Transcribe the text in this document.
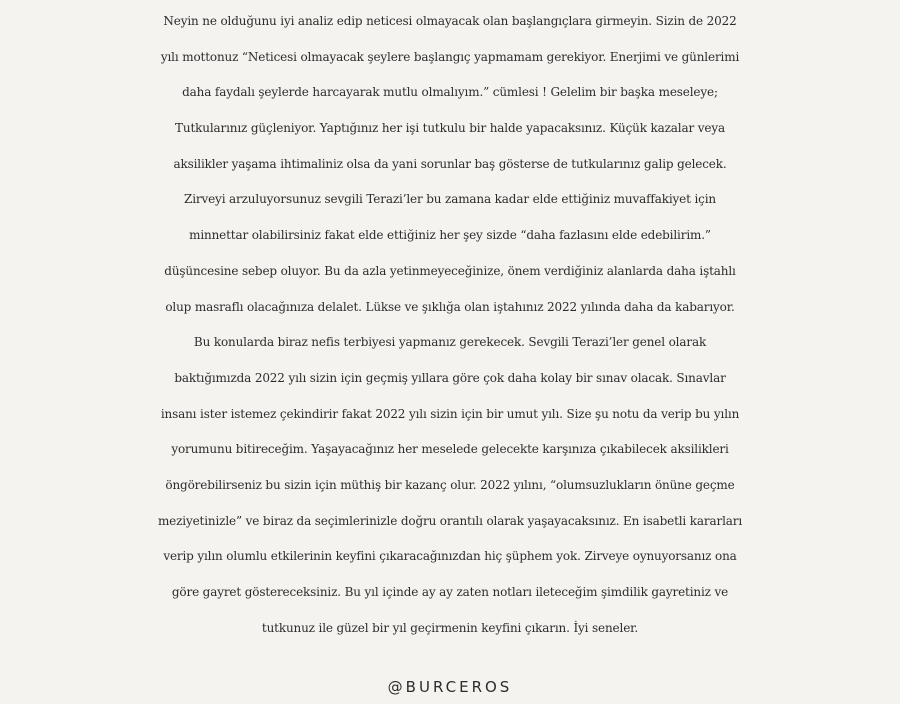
Neyin ne olduğunu iyi analiz edip neticesi olmayacak olan başlangıçlara girmeyin. Sizin de 2022
yılı mottonuz “Neticesi olmayacak şeylere başlangıç yapmamam gerekiyor. Enerjimi ve günlerimi
daha faydalı şeylerde harcayarak mutlu olmalıyım.” cümlesi ! Gelelim bir başka meseleye;
Tutkularınız güçleniyor. Yaptığınız her işi tutkulu bir halde yapacaksınız. Küçük kazalar veya
aksilikler yaşama ihtimaliniz olsa da yani sorunlar baş gösterse de tutkularınız galip gelecek.
Zirveyi arzuluyorsunuz sevgili Terazi’ler bu zamana kadar elde ettiğiniz muvaffakiyet için
minnettar olabilirsiniz fakat elde ettiğiniz her şey sizde “daha fazlasını elde edebilirim.”
düşüncesine sebep oluyor. Bu da azla yetinmeyeceğinize, önem verdiğiniz alanlarda daha iştahlı
olup masraflı olacağınıza delalet. Lükse ve şıklığa olan iştahınız 2022 yılında daha da kabarıyor.
Bu konularda biraz nefis terbiyesi yapmanız gerekecek. Sevgili Terazi’ler genel olarak
baktığımızda 2022 yılı sizin için geçmiş yıllara göre çok daha kolay bir sınav olacak. Sınavlar
insanı ister istemez çekindirir fakat 2022 yılı sizin için bir umut yılı. Size şu notu da verip bu yılın
yorumunu bitireceğim. Yaşayacağınız her meselede gelecekte karşınıza çıkabilecek aksilikleri
öngörebilirseniz bu sizin için müthiş bir kazanç olur. 2022 yılını, “olumsuzlukların önüne geçme
meziyetinizle” ve biraz da seçimlerinizle doğru orantılı olarak yaşayacaksınız. En isabetli kararları
verip yılın olumlu etkilerinin keyfini çıkaracağınızdan hiç şüphem yok. Zirveye oynuyorsanız ona
göre gayret göstereceksiniz. Bu yıl içinde ay ay zaten notları ileteceğim şimdilik gayretiniz ve
tutkunuz ile güzel bir yıl geçirmenin keyfini çıkarın. İyi seneler.
@BURCEROS
